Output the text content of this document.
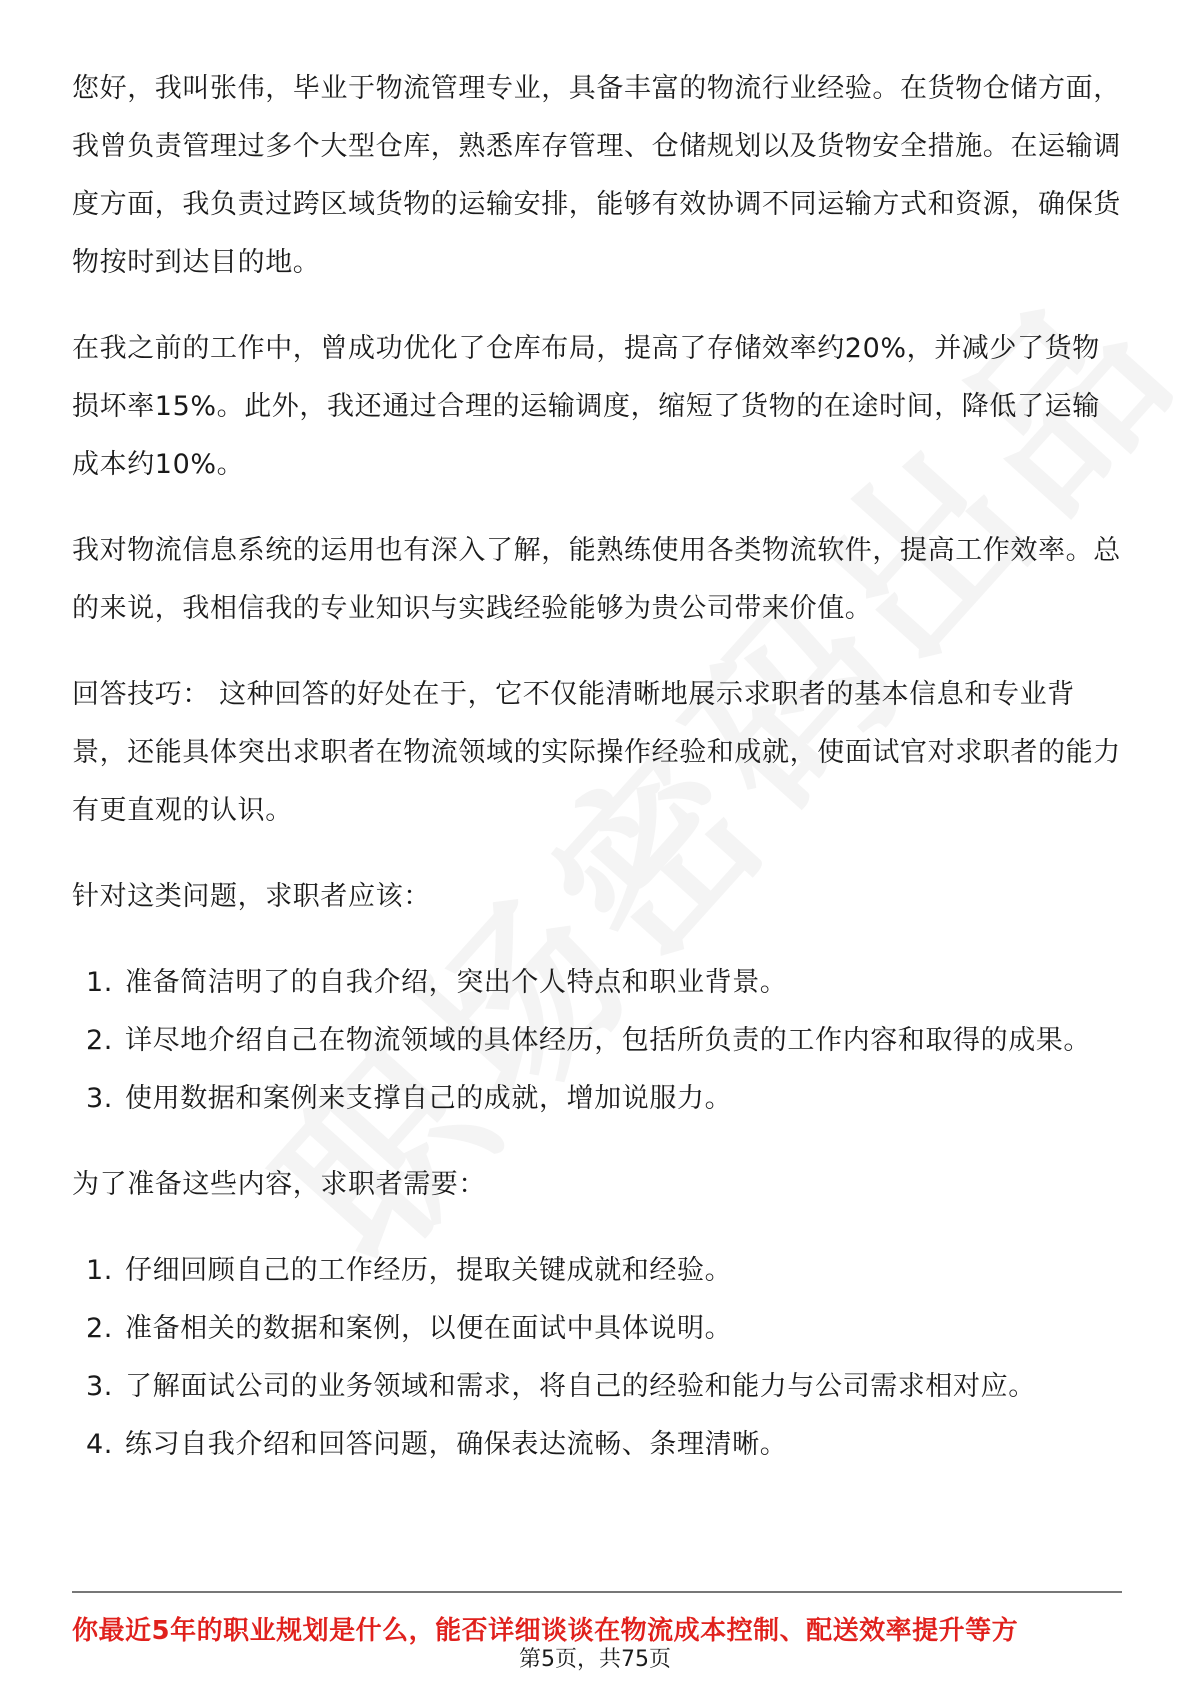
您好，我叫张伟，毕业于物流管理专业，具备丰富的物流行业经验。在货物仓储方面，我曾负责管理过多个大型仓库，熟悉库存管理、仓储规划以及货物安全措施。在运输调度方面，我负责过跨区域货物的运输安排，能够有效协调不同运输方式和资源，确保货物按时到达目的地。

在我之前的工作中，曾成功优化了仓库布局，提高了存储效率约20%，并减少了货物损坏率15%。此外，我还通过合理的运输调度，缩短了货物的在途时间，降低了运输成本约10%。

我对物流信息系统的运用也有深入了解，能熟练使用各类物流软件，提高工作效率。总的来说，我相信我的专业知识与实践经验能够为贵公司带来价值。

回答技巧： 这种回答的好处在于，它不仅能清晰地展示求职者的基本信息和专业背景，还能具体突出求职者在物流领域的实际操作经验和成就，使面试官对求职者的能力有更直观的认识。

针对这类问题，求职者应该：

1. 准备简洁明了的自我介绍，突出个人特点和职业背景。
2. 详尽地介绍自己在物流领域的具体经历，包括所负责的工作内容和取得的成果。
3. 使用数据和案例来支撑自己的成就，增加说服力。

为了准备这些内容，求职者需要：

1. 仔细回顾自己的工作经历，提取关键成就和经验。
2. 准备相关的数据和案例，以便在面试中具体说明。
3. 了解面试公司的业务领域和需求，将自己的经验和能力与公司需求相对应。
4. 练习自我介绍和回答问题，确保表达流畅、条理清晰。
你最近5年的职业规划是什么，能否详细谈谈在物流成本控制、配送效率提升等方
第5页，共75页
